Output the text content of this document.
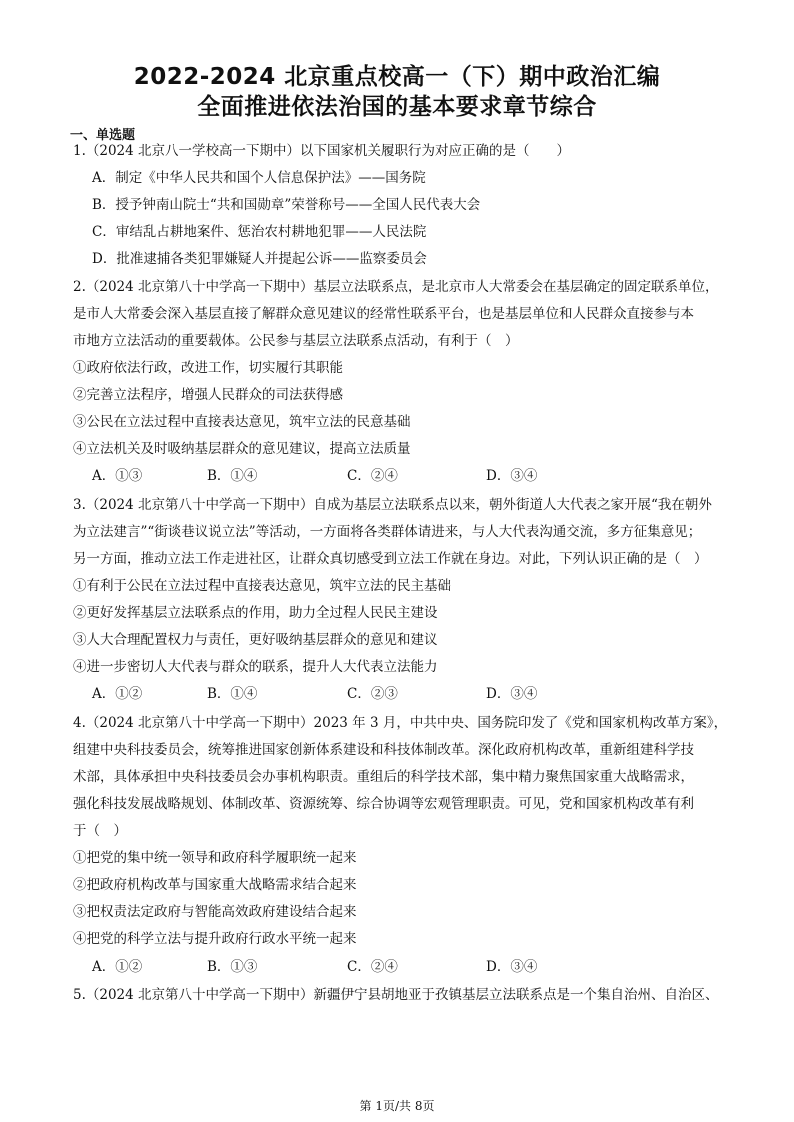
2022-2024 北京重点校高一（下）期中政治汇编
全面推进依法治国的基本要求章节综合
一、单选题
1.（2024 北京八一学校高一下期中）以下国家机关履职行为对应正确的是（　　）
A．制定《中华人民共和国个人信息保护法》——国务院
B．授予钟南山院士“共和国勋章”荣誉称号——全国人民代表大会
C．审结乱占耕地案件、惩治农村耕地犯罪——人民法院
D．批准逮捕各类犯罪嫌疑人并提起公诉——监察委员会
2.（2024 北京第八十中学高一下期中）基层立法联系点，是北京市人大常委会在基层确定的固定联系单位，
是市人大常委会深入基层直接了解群众意见建议的经常性联系平台，也是基层单位和人民群众直接参与本
市地方立法活动的重要载体。公民参与基层立法联系点活动，有利于（　）
①政府依法行政，改进工作，切实履行其职能
②完善立法程序，增强人民群众的司法获得感
③公民在立法过程中直接表达意见，筑牢立法的民意基础
④立法机关及时吸纳基层群众的意见建议，提高立法质量
A．①③	B．①④	C．②④	D．③④
3.（2024 北京第八十中学高一下期中）自成为基层立法联系点以来，朝外街道人大代表之家开展“我在朝外
为立法建言”“街谈巷议说立法”等活动，一方面将各类群体请进来，与人大代表沟通交流，多方征集意见；
另一方面，推动立法工作走进社区，让群众真切感受到立法工作就在身边。对此，下列认识正确的是（　）
①有利于公民在立法过程中直接表达意见，筑牢立法的民主基础
②更好发挥基层立法联系点的作用，助力全过程人民民主建设
③人大合理配置权力与责任，更好吸纳基层群众的意见和建议
④进一步密切人大代表与群众的联系，提升人大代表立法能力
A．①②	B．①④	C．②③	D．③④
4.（2024 北京第八十中学高一下期中）2023 年 3 月，中共中央、国务院印发了《党和国家机构改革方案》，
组建中央科技委员会，统筹推进国家创新体系建设和科技体制改革。深化政府机构改革，重新组建科学技
术部，具体承担中央科技委员会办事机构职责。重组后的科学技术部，集中精力聚焦国家重大战略需求，
强化科技发展战略规划、体制改革、资源统筹、综合协调等宏观管理职责。可见，党和国家机构改革有利
于（　）
①把党的集中统一领导和政府科学履职统一起来
②把政府机构改革与国家重大战略需求结合起来
③把权责法定政府与智能高效政府建设结合起来
④把党的科学立法与提升政府行政水平统一起来
A．①②	B．①③	C．②④	D．③④
5.（2024 北京第八十中学高一下期中）新疆伊宁县胡地亚于孜镇基层立法联系点是一个集自治州、自治区、
第 1页/共 8页
